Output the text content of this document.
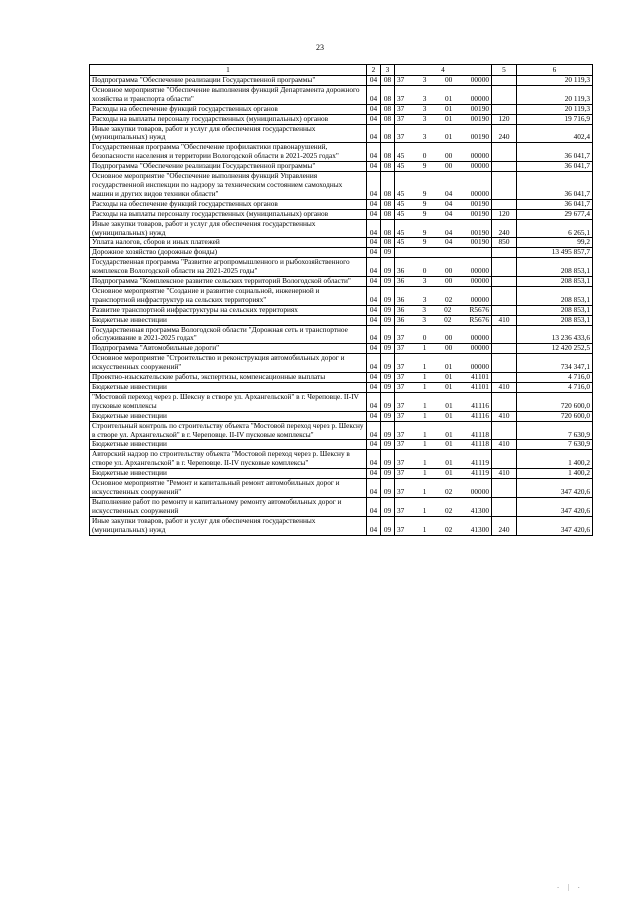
23
1	2	3	4	5	6
Подпрограмма "Обеспечение реализации Государственной программы"	04	08	37 3 00 00000		20 119,3
Основное мероприятие "Обеспечение выполнения функций Департамента дорожного хозяйства и транспорта области"	04	08	37 3 01 00000		20 119,3
Расходы на обеспечение функций государственных органов	04	08	37 3 01 00190		20 119,3
Расходы на выплаты персоналу государственных (муниципальных) органов	04	08	37 3 01 00190	120	19 716,9
Иные закупки товаров, работ и услуг для обеспечения государственных (муниципальных) нужд	04	08	37 3 01 00190	240	402,4
Государственная программа "Обеспечение профилактики правонарушений, безопасности населения и территории Вологодской области в 2021-2025 годах"	04	08	45 0 00 00000		36 041,7
Подпрограмма "Обеспечение реализации Государственной программы"	04	08	45 9 00 00000		36 041,7
Основное мероприятие "Обеспечение выполнения функций Управления государственной инспекции по надзору за техническим состоянием самоходных машин и других видов техники области"	04	08	45 9 04 00000		36 041,7
Расходы на обеспечение функций государственных органов	04	08	45 9 04 00190		36 041,7
Расходы на выплаты персоналу государственных (муниципальных) органов	04	08	45 9 04 00190	120	29 677,4
Иные закупки товаров, работ и услуг для обеспечения государственных (муниципальных) нужд	04	08	45 9 04 00190	240	6 265,1
Уплата налогов, сборов и иных платежей	04	08	45 9 04 00190	850	99,2
Дорожное хозяйство (дорожные фонды)	04	09			13 495 857,7
Государственная программа "Развитие агропромышленного и рыбохозяйственного комплексов Вологодской области на 2021-2025 годы"	04	09	36 0 00 00000		208 853,1
Подпрограмма "Комплексное развитие сельских территорий Вологодской области"	04	09	36 3 00 00000		208 853,1
Основное мероприятие "Создание и развитие социальной, инженерной и транспортной инфраструктур на сельских территориях"	04	09	36 3 02 00000		208 853,1
Развитие транспортной инфраструктуры на сельских территориях	04	09	36 3 02 R5676		208 853,1
Бюджетные инвестиции	04	09	36 3 02 R5676	410	208 853,1
Государственная программа Вологодской области "Дорожная сеть и транспортное обслуживание в 2021-2025 годах"	04	09	37 0 00 00000		13 236 433,6
Подпрограмма "Автомобильные дороги"	04	09	37 1 00 00000		12 420 252,5
Основное мероприятие "Строительство и реконструкция автомобильных дорог и искусственных сооружений"	04	09	37 1 01 00000		734 347,1
Проектно-изыскательские работы, экспертизы, компенсационные выплаты	04	09	37 1 01 41101		4 716,0
Бюджетные инвестиции	04	09	37 1 01 41101	410	4 716,0
"Мостовой переход через р. Шексну в створе ул. Архангельской" в г. Череповце. II-IV пусковые комплексы	04	09	37 1 01 41116		720 600,0
Бюджетные инвестиции	04	09	37 1 01 41116	410	720 600,0
Строительный контроль по строительству объекта "Мостовой переход через р. Шексну в створе ул. Архангельской" в г. Череповце. II-IV пусковые комплексы"	04	09	37 1 01 41118		7 630,9
Бюджетные инвестиции	04	09	37 1 01 41118	410	7 630,9
Авторский надзор по строительству объекта "Мостовой переход через р. Шексну в створе ул. Архангельской" в г. Череповце. II-IV пусковые комплексы"	04	09	37 1 01 41119		1 400,2
Бюджетные инвестиции	04	09	37 1 01 41119	410	1 400,2
Основное мероприятие "Ремонт и капитальный ремонт автомобильных дорог и искусственных сооружений"	04	09	37 1 02 00000		347 420,6
Выполнение работ по ремонту и капитальному ремонту автомобильных дорог и искусственных сооружений	04	09	37 1 02 41300		347 420,6
Иные закупки товаров, работ и услуг для обеспечения государственных (муниципальных) нужд	04	09	37 1 02 41300	240	347 420,6
· ｜ ·
